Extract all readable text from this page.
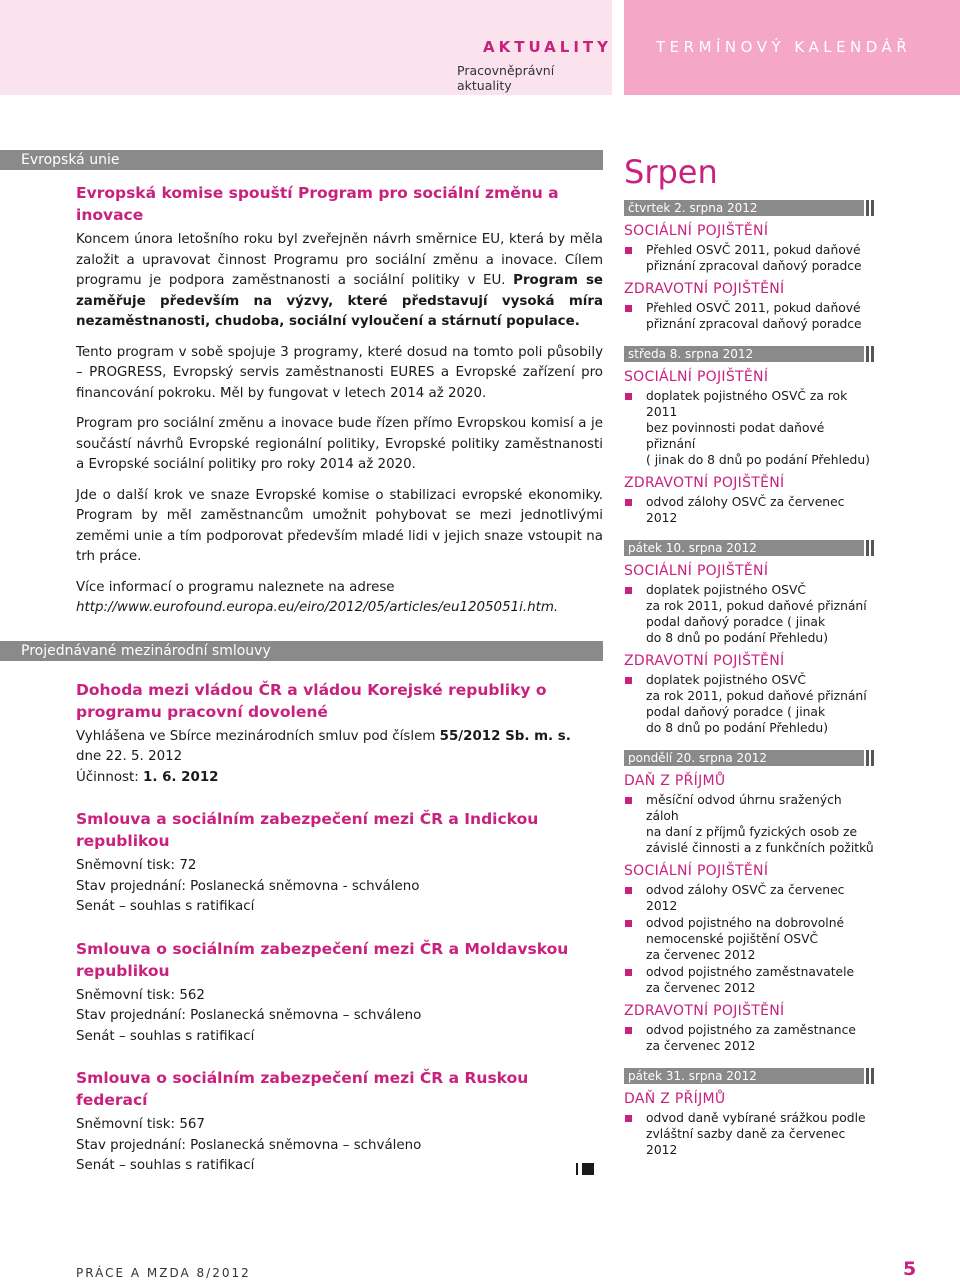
AKTUALITY
Pracovněprávní aktuality
TERMÍNOVÝ KALENDÁŘ
Evropská unie
Evropská komise spouští Program pro sociální změnu a inovace

Koncem února letošního roku byl zveřejněn návrh směrnice EU, která by měla založit a upravovat činnost Programu pro sociální změnu a inovace. Cílem programu je podpora zaměstnanosti a sociální politiky v EU. Program se zaměřuje především na výzvy, které představují vysoká míra nezaměstnanosti, chudoba, sociální vyloučení a stárnutí populace.

Tento program v sobě spojuje 3 programy, které dosud na tomto poli působily – PROGRESS, Evropský servis zaměstnanosti EURES a Evropské zařízení pro financování pokroku. Měl by fungovat v letech 2014 až 2020.

Program pro sociální změnu a inovace bude řízen přímo Evropskou komisí a je součástí návrhů Evropské regionální politiky, Evropské politiky zaměstnanosti a Evropské sociální politiky pro roky 2014 až 2020.

Jde o další krok ve snaze Evropské komise o stabilizaci evropské ekonomiky. Program by měl zaměstnancům umožnit pohybovat se mezi jednotlivými zeměmi unie a tím podporovat především mladé lidi v jejich snaze vstoupit na trh práce.

Více informací o programu naleznete na adrese
http://www.eurofound.europa.eu/eiro/2012/05/articles/eu1205051i.htm.

Projednávané mezinárodní smlouvy
Dohoda mezi vládou ČR a vládou Korejské republiky o programu pracovní dovolené
Vyhlášena ve Sbírce mezinárodních smluv pod číslem 55/2012 Sb. m. s.
dne 22. 5. 2012
Účinnost: 1. 6. 2012
Smlouva a sociálním zabezpečení mezi ČR a Indickou republikou
Sněmovní tisk: 72
Stav projednání: Poslanecká sněmovna - schváleno
Senát – souhlas s ratifikací
Smlouva o sociálním zabezpečení mezi ČR a Moldavskou republikou
Sněmovní tisk: 562
Stav projednání: Poslanecká sněmovna – schváleno
Senát – souhlas s ratifikací
Smlouva o sociálním zabezpečení mezi ČR a Ruskou federací
Sněmovní tisk: 567
Stav projednání: Poslanecká sněmovna – schváleno
Senát – souhlas s ratifikací
Srpen
čtvrtek 2. srpna 2012
SOCIÁLNÍ POJIŠTĚNÍ
Přehled OSVČ 2011, pokud daňové
přiznání zpracoval daňový poradce
ZDRAVOTNÍ POJIŠTĚNÍ
Přehled OSVČ 2011, pokud daňové
přiznání zpracoval daňový poradce
středa 8. srpna 2012
SOCIÁLNÍ POJIŠTĚNÍ
doplatek pojistného OSVČ za rok 2011
bez povinnosti podat daňové přiznání
( jinak do 8 dnů po podání Přehledu)
ZDRAVOTNÍ POJIŠTĚNÍ
odvod zálohy OSVČ za červenec 2012
pátek 10. srpna 2012
SOCIÁLNÍ POJIŠTĚNÍ
doplatek pojistného OSVČ
za rok 2011, pokud daňové přiznání
podal daňový poradce ( jinak
do 8 dnů po podání Přehledu)
ZDRAVOTNÍ POJIŠTĚNÍ
doplatek pojistného OSVČ
za rok 2011, pokud daňové přiznání
podal daňový poradce ( jinak
do 8 dnů po podání Přehledu)
pondělí 20. srpna 2012
DAŇ Z PŘÍJMŮ
měsíční odvod úhrnu sražených záloh
na daní z příjmů fyzických osob ze
závislé činnosti a z funkčních požitků
SOCIÁLNÍ POJIŠTĚNÍ
odvod zálohy OSVČ za červenec 2012
odvod pojistného na dobrovolné
nemocenské pojištění OSVČ
za červenec 2012
odvod pojistného zaměstnavatele
za červenec 2012
ZDRAVOTNÍ POJIŠTĚNÍ
odvod pojistného za zaměstnance
za červenec 2012
pátek 31. srpna 2012
DAŇ Z PŘÍJMŮ
odvod daně vybírané srážkou podle
zvláštní sazby daně za červenec 2012
PRÁCE A MZDA 8/2012	5
